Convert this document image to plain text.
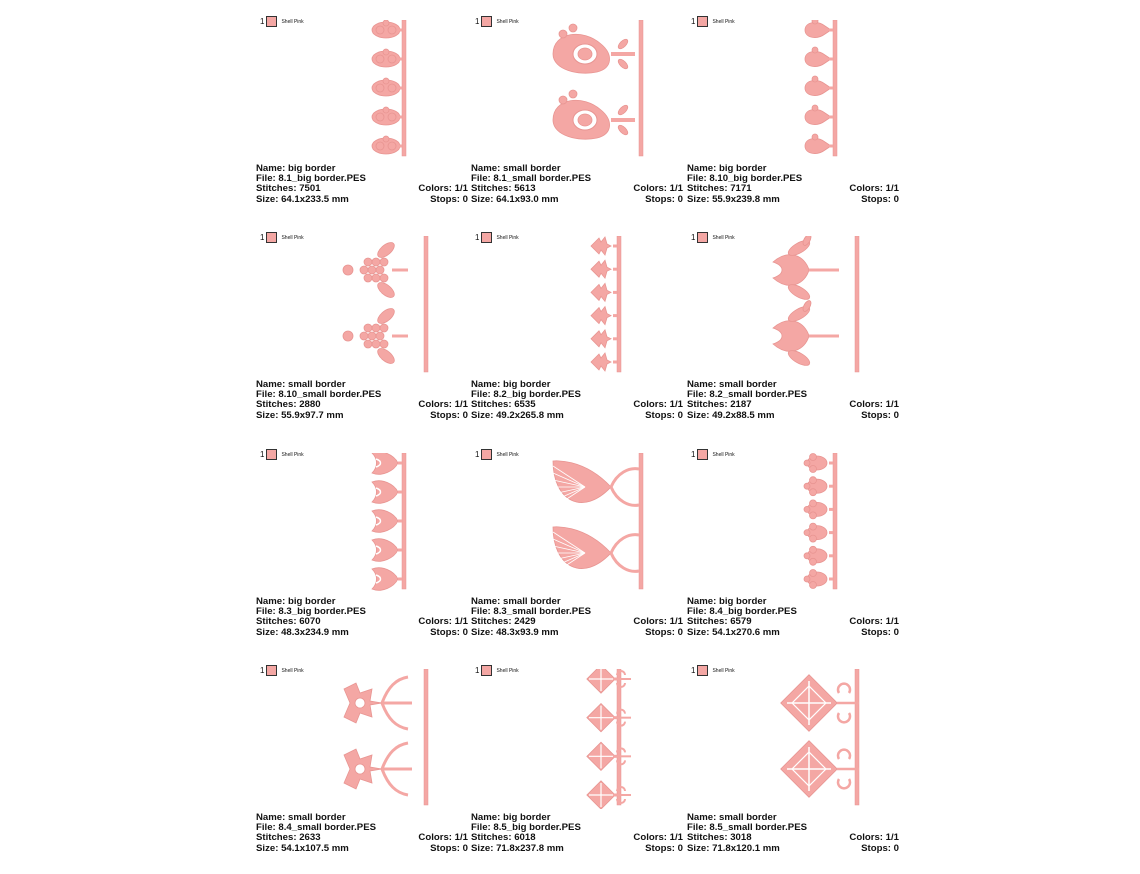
1	Shell Pink
Name: big border
File: 8.1_big border.PES
Stitches: 7501	Colors: 1/1
Size: 64.1x233.5 mm	Stops: 0
1	Shell Pink
Name: small border
File: 8.1_small border.PES
Stitches: 5613	Colors: 1/1
Size: 64.1x93.0 mm	Stops: 0
1	Shell Pink
Name: big border
File: 8.10_big border.PES
Stitches: 7171	Colors: 1/1
Size: 55.9x239.8 mm	Stops: 0
1	Shell Pink
Name: small border
File: 8.10_small border.PES
Stitches: 2880	Colors: 1/1
Size: 55.9x97.7 mm	Stops: 0
1	Shell Pink
Name: big border
File: 8.2_big border.PES
Stitches: 6535	Colors: 1/1
Size: 49.2x265.8 mm	Stops: 0
1	Shell Pink
Name: small border
File: 8.2_small border.PES
Stitches: 2187	Colors: 1/1
Size: 49.2x88.5 mm	Stops: 0
1	Shell Pink
Name: big border
File: 8.3_big border.PES
Stitches: 6070	Colors: 1/1
Size: 48.3x234.9 mm	Stops: 0
1	Shell Pink
Name: small border
File: 8.3_small border.PES
Stitches: 2429	Colors: 1/1
Size: 48.3x93.9 mm	Stops: 0
1	Shell Pink
Name: big border
File: 8.4_big border.PES
Stitches: 6579	Colors: 1/1
Size: 54.1x270.6 mm	Stops: 0
1	Shell Pink
Name: small border
File: 8.4_small border.PES
Stitches: 2633	Colors: 1/1
Size: 54.1x107.5 mm	Stops: 0
1	Shell Pink
Name: big border
File: 8.5_big border.PES
Stitches: 6018	Colors: 1/1
Size: 71.8x237.8 mm	Stops: 0
1	Shell Pink
Name: small border
File: 8.5_small border.PES
Stitches: 3018	Colors: 1/1
Size: 71.8x120.1 mm	Stops: 0
